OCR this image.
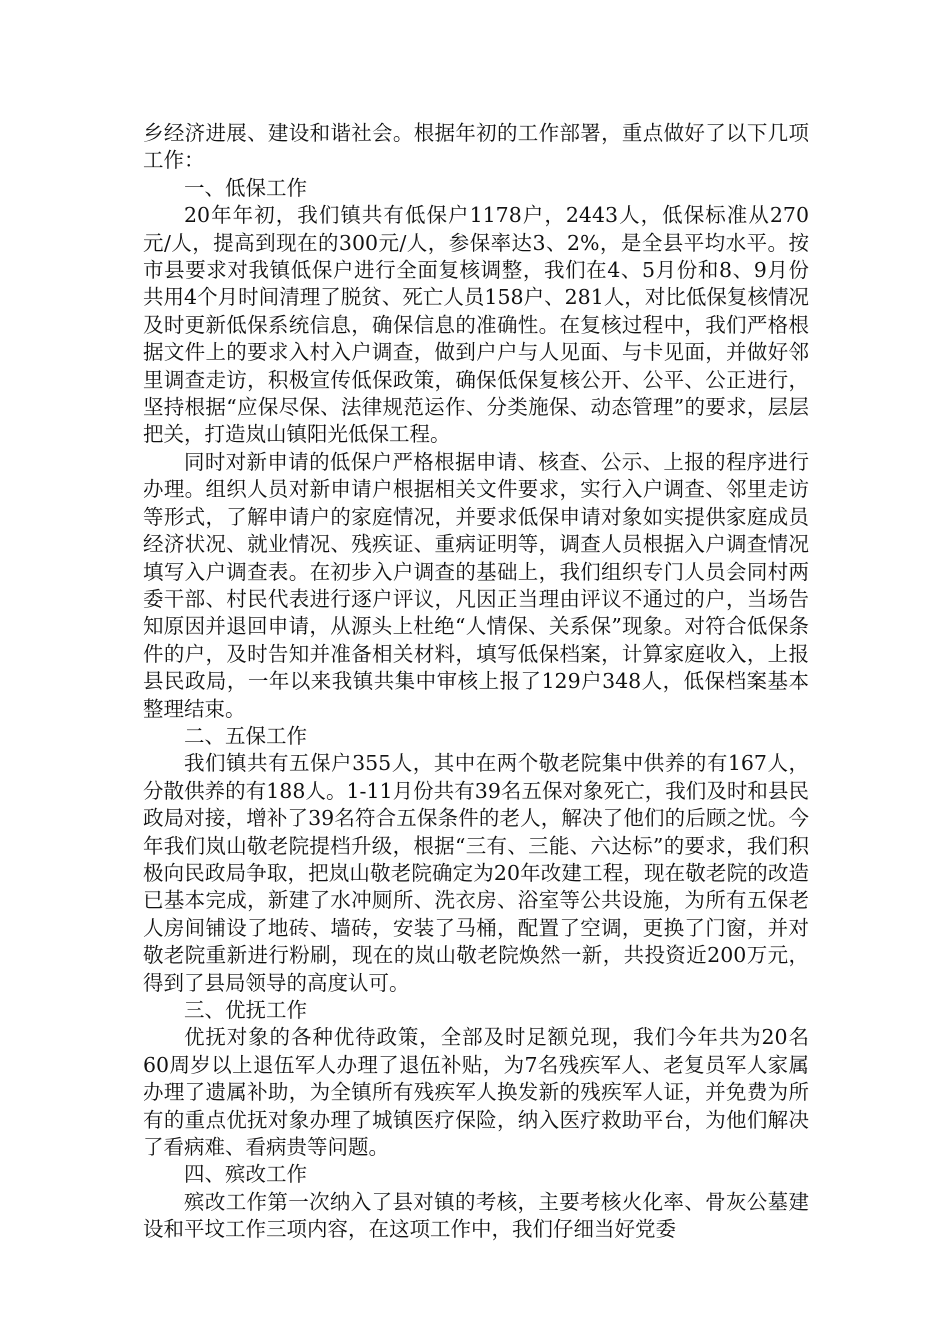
乡经济进展、建设和谐社会。根据年初的工作部署，重点做好了以下几项工作：

一、低保工作

20年年初，我们镇共有低保户1178户，2443人，低保标准从270元/人，提高到现在的300元/人，参保率达3、2%，是全县平均水平。按市县要求对我镇低保户进行全面复核调整，我们在4、5月份和8、9月份共用4个月时间清理了脱贫、死亡人员158户、281人，对比低保复核情况及时更新低保系统信息，确保信息的准确性。在复核过程中，我们严格根据文件上的要求入村入户调查，做到户户与人见面、与卡见面，并做好邻里调查走访，积极宣传低保政策，确保低保复核公开、公平、公正进行，坚持根据“应保尽保、法律规范运作、分类施保、动态管理”的要求，层层把关，打造岚山镇阳光低保工程。

同时对新申请的低保户严格根据申请、核查、公示、上报的程序进行办理。组织人员对新申请户根据相关文件要求，实行入户调查、邻里走访等形式，了解申请户的家庭情况，并要求低保申请对象如实提供家庭成员经济状况、就业情况、残疾证、重病证明等，调查人员根据入户调查情况填写入户调查表。在初步入户调查的基础上，我们组织专门人员会同村两委干部、村民代表进行逐户评议，凡因正当理由评议不通过的户，当场告知原因并退回申请，从源头上杜绝“人情保、关系保”现象。对符合低保条件的户，及时告知并准备相关材料，填写低保档案，计算家庭收入，上报县民政局，一年以来我镇共集中审核上报了129户348人，低保档案基本整理结束。

二、五保工作

我们镇共有五保户355人，其中在两个敬老院集中供养的有167人，分散供养的有188人。1-11月份共有39名五保对象死亡，我们及时和县民政局对接，增补了39名符合五保条件的老人，解决了他们的后顾之忧。今年我们岚山敬老院提档升级，根据“三有、三能、六达标”的要求，我们积极向民政局争取，把岚山敬老院确定为20年改建工程，现在敬老院的改造已基本完成，新建了水冲厕所、洗衣房、浴室等公共设施，为所有五保老人房间铺设了地砖、墙砖，安装了马桶，配置了空调，更换了门窗，并对敬老院重新进行粉刷，现在的岚山敬老院焕然一新，共投资近200万元，得到了县局领导的高度认可。

三、优抚工作

优抚对象的各种优待政策，全部及时足额兑现，我们今年共为20名60周岁以上退伍军人办理了退伍补贴，为7名残疾军人、老复员军人家属办理了遗属补助，为全镇所有残疾军人换发新的残疾军人证，并免费为所有的重点优抚对象办理了城镇医疗保险，纳入医疗救助平台，为他们解决了看病难、看病贵等问题。

四、殡改工作

殡改工作第一次纳入了县对镇的考核，主要考核火化率、骨灰公墓建设和平坟工作三项内容，在这项工作中，我们仔细当好党委
